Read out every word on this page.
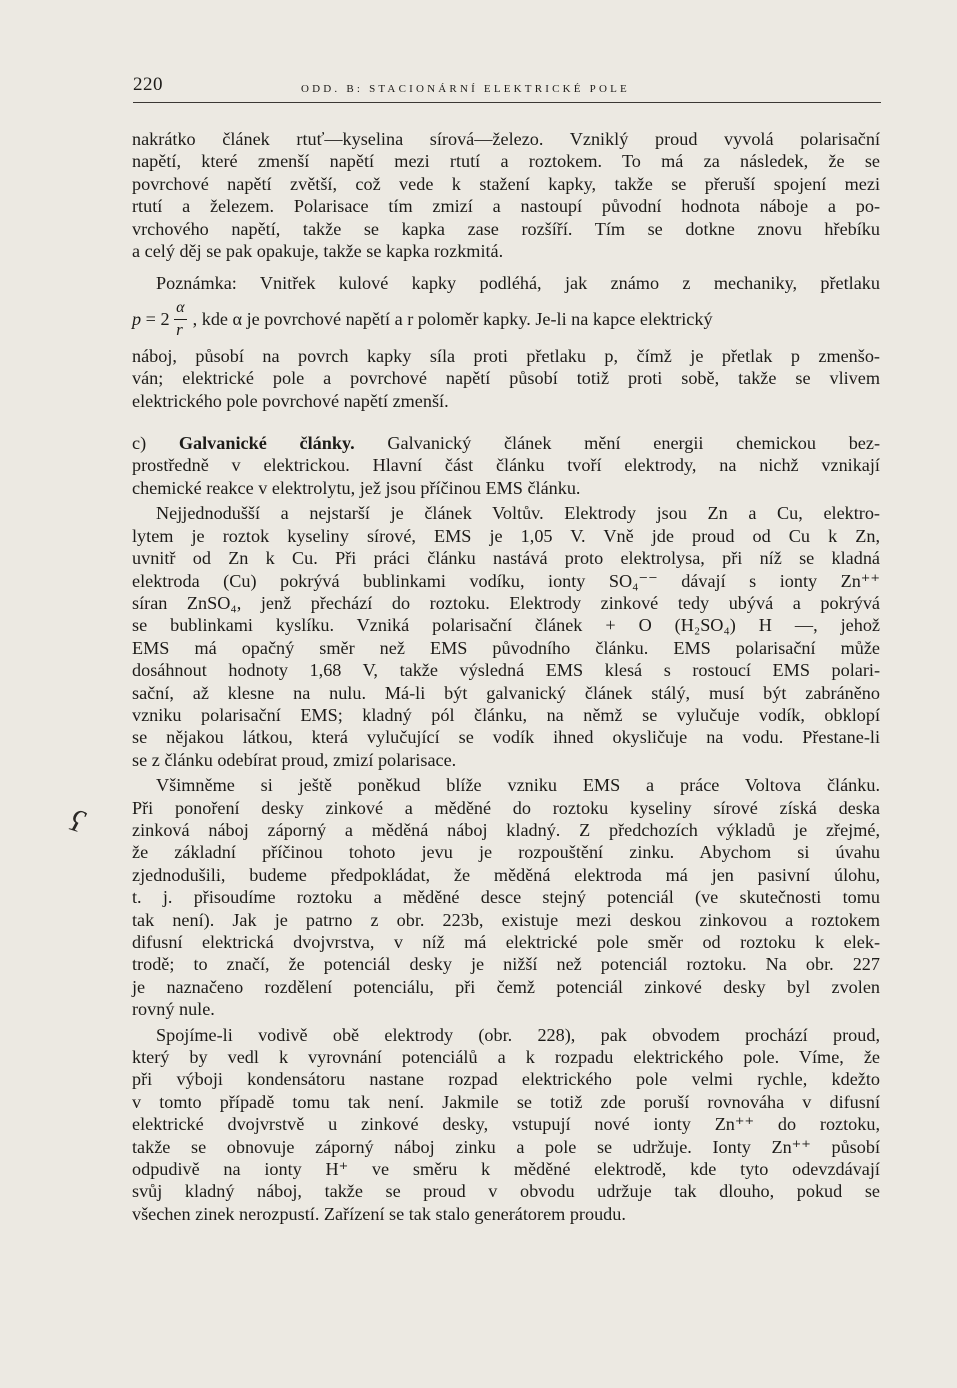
220	ODD. B: STACIONÁRNÍ ELEKTRICKÉ POLE
ʕ

nakrátko článek rtuť—kyselina sírová—železo. Vzniklý proud vyvolá polarisační
napětí, které zmenší napětí mezi rtutí a roztokem. To má za následek, že se
povrchové napětí zvětší, což vede k stažení kapky, takže se přeruší spojení mezi
rtutí a železem. Polarisace tím zmizí a nastoupí původní hodnota náboje a po-
vrchového napětí, takže se kapka zase rozšíří. Tím se dotkne znovu hřebíku
a celý děj se pak opakuje, takže se kapka rozkmitá.

Poznámka: Vnitřek kulové kapky podléhá, jak známo z mechaniky, přetlaku
$p = 2 \frac{\alpha}{r}$ , kde α je povrchové napětí a r poloměr kapky. Je-li na kapce elektrický
náboj, působí na povrch kapky síla proti přetlaku p, čímž je přetlak p zmenšo-
ván; elektrické pole a povrchové napětí působí totiž proti sobě, takže se vlivem
elektrického pole povrchové napětí zmenší.

c) Galvanické články. Galvanický článek mění energii chemickou bez-
prostředně v elektrickou. Hlavní část článku tvoří elektrody, na nichž vznikají
chemické reakce v elektrolytu, jež jsou příčinou EMS článku.

Nejjednodušší a nejstarší je článek Voltův. Elektrody jsou Zn a Cu, elektro-
lytem je roztok kyseliny sírové, EMS je 1,05 V. Vně jde proud od Cu k Zn,
uvnitř od Zn k Cu. Při práci článku nastává proto elektrolysa, při níž se kladná
elektroda (Cu) pokrývá bublinkami vodíku, ionty SO₄⁻⁻ dávají s ionty Zn⁺⁺
síran ZnSO₄, jenž přechází do roztoku. Elektrody zinkové tedy ubývá a pokrývá
se bublinkami kyslíku. Vzniká polarisační článek + O (H₂SO₄) H —, jehož
EMS má opačný směr než EMS původního článku. EMS polarisační může
dosáhnout hodnoty 1,68 V, takže výsledná EMS klesá s rostoucí EMS polari-
sační, až klesne na nulu. Má-li být galvanický článek stálý, musí být zabráněno
vzniku polarisační EMS; kladný pól článku, na němž se vylučuje vodík, obklopí
se nějakou látkou, která vylučující se vodík ihned okysličuje na vodu. Přestane-li
se z článku odebírat proud, zmizí polarisace.

Všimněme si ještě poněkud blíže vzniku EMS a práce Voltova článku.
Při ponoření desky zinkové a měděné do roztoku kyseliny sírové získá deska
zinková náboj záporný a měděná náboj kladný. Z předchozích výkladů je zřejmé,
že základní příčinou tohoto jevu je rozpouštění zinku. Abychom si úvahu
zjednodušili, budeme předpokládat, že měděná elektroda má jen pasivní úlohu,
t. j. přisoudíme roztoku a měděné desce stejný potenciál (ve skutečnosti tomu
tak není). Jak je patrno z obr. 223b, existuje mezi deskou zinkovou a roztokem
difusní elektrická dvojvrstva, v níž má elektrické pole směr od roztoku k elek-
trodě; to značí, že potenciál desky je nižší než potenciál roztoku. Na obr. 227
je naznačeno rozdělení potenciálu, při čemž potenciál zinkové desky byl zvolen
rovný nule.

Spojíme-li vodivě obě elektrody (obr. 228), pak obvodem prochází proud,
který by vedl k vyrovnání potenciálů a k rozpadu elektrického pole. Víme, že
při výboji kondensátoru nastane rozpad elektrického pole velmi rychle, kdežto
v tomto případě tomu tak není. Jakmile se totiž zde poruší rovnováha v difusní
elektrické dvojvrstvě u zinkové desky, vstupují nové ionty Zn⁺⁺ do roztoku,
takže se obnovuje záporný náboj zinku a pole se udržuje. Ionty Zn⁺⁺ působí
odpudivě na ionty H⁺ ve směru k měděné elektrodě, kde tyto odevzdávají
svůj kladný náboj, takže se proud v obvodu udržuje tak dlouho, pokud se
všechen zinek nerozpustí. Zařízení se tak stalo generátorem proudu.
